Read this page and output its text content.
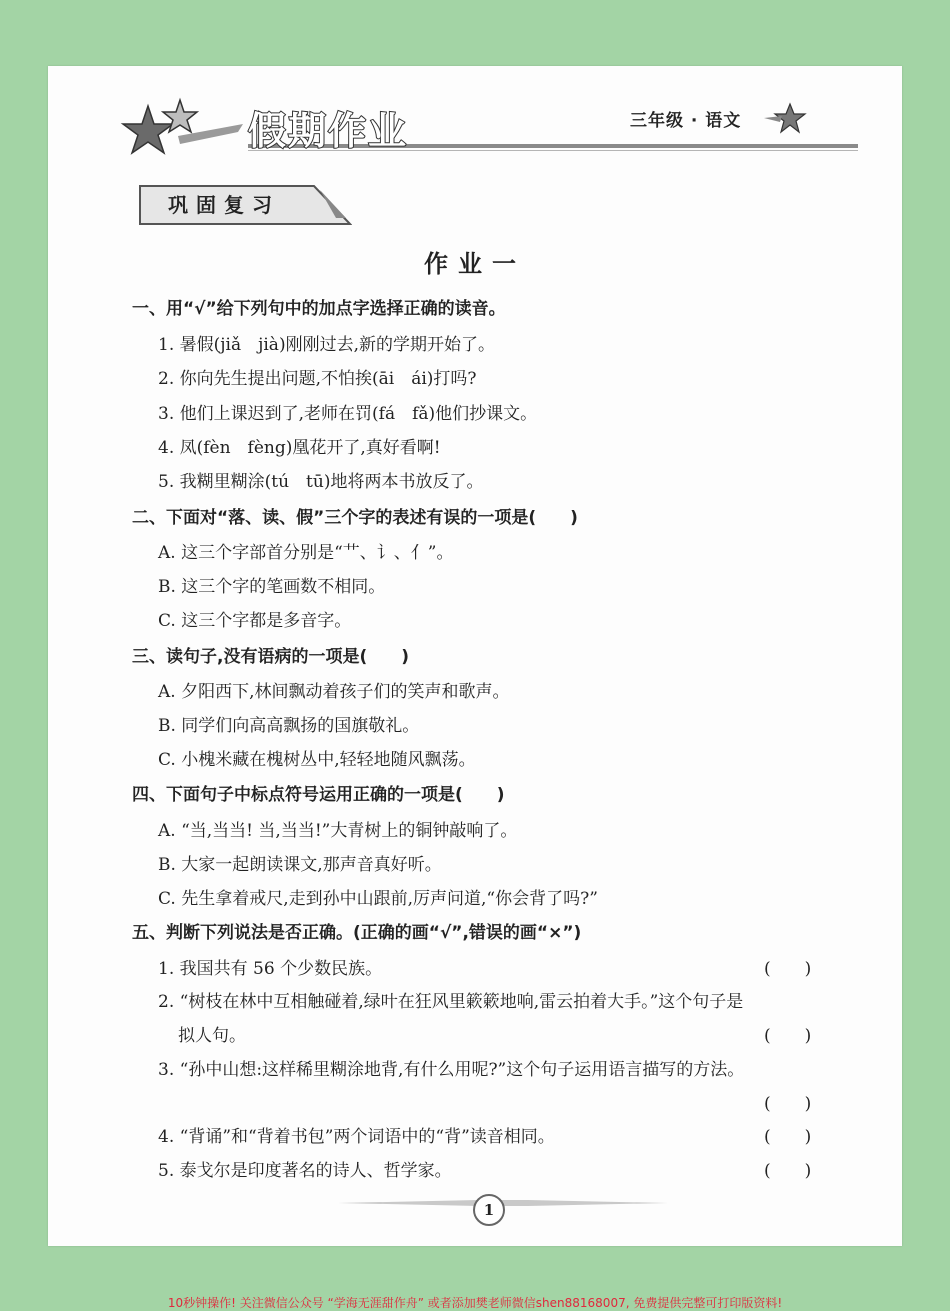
假期作业	三年级 · 语文
巩固复习
作业一
一、用“√”给下列句中的加点字选择正确的读音。
1. 暑假(jiǎ　jià)刚刚过去,新的学期开始了。
2. 你向先生提出问题,不怕挨(āi　ái)打吗?
3. 他们上课迟到了,老师在罚(fá　fǎ)他们抄课文。
4. 凤(fèn　fèng)凰花开了,真好看啊!
5. 我糊里糊涂(tú　tū)地将两本书放反了。
二、下面对“落、读、假”三个字的表述有误的一项是(　　)
A. 这三个字部首分别是“艹、讠、亻”。
B. 这三个字的笔画数不相同。
C. 这三个字都是多音字。
三、读句子,没有语病的一项是(　　)
A. 夕阳西下,林间飘动着孩子们的笑声和歌声。
B. 同学们向高高飘扬的国旗敬礼。
C. 小槐米藏在槐树丛中,轻轻地随风飘荡。
四、下面句子中标点符号运用正确的一项是(　　)
A. “当,当当! 当,当当!”大青树上的铜钟敲响了。
B. 大家一起朗读课文,那声音真好听。
C. 先生拿着戒尺,走到孙中山跟前,厉声问道,“你会背了吗?”
五、判断下列说法是否正确。(正确的画“√”,错误的画“×”)
1. 我国共有 56 个少数民族。	(　　)
2. “树枝在林中互相触碰着,绿叶在狂风里簌簌地响,雷云拍着大手。”这个句子是
拟人句。	(　　)
3. “孙中山想:这样稀里糊涂地背,有什么用呢?”这个句子运用语言描写的方法。
(　　)
4. “背诵”和“背着书包”两个词语中的“背”读音相同。	(　　)
5. 泰戈尔是印度著名的诗人、哲学家。	(　　)
1
10秒钟操作! 关注微信公众号 “学海无涯甜作舟” 或者添加樊老师微信shen88168007, 免费提供完整可打印版资料!
